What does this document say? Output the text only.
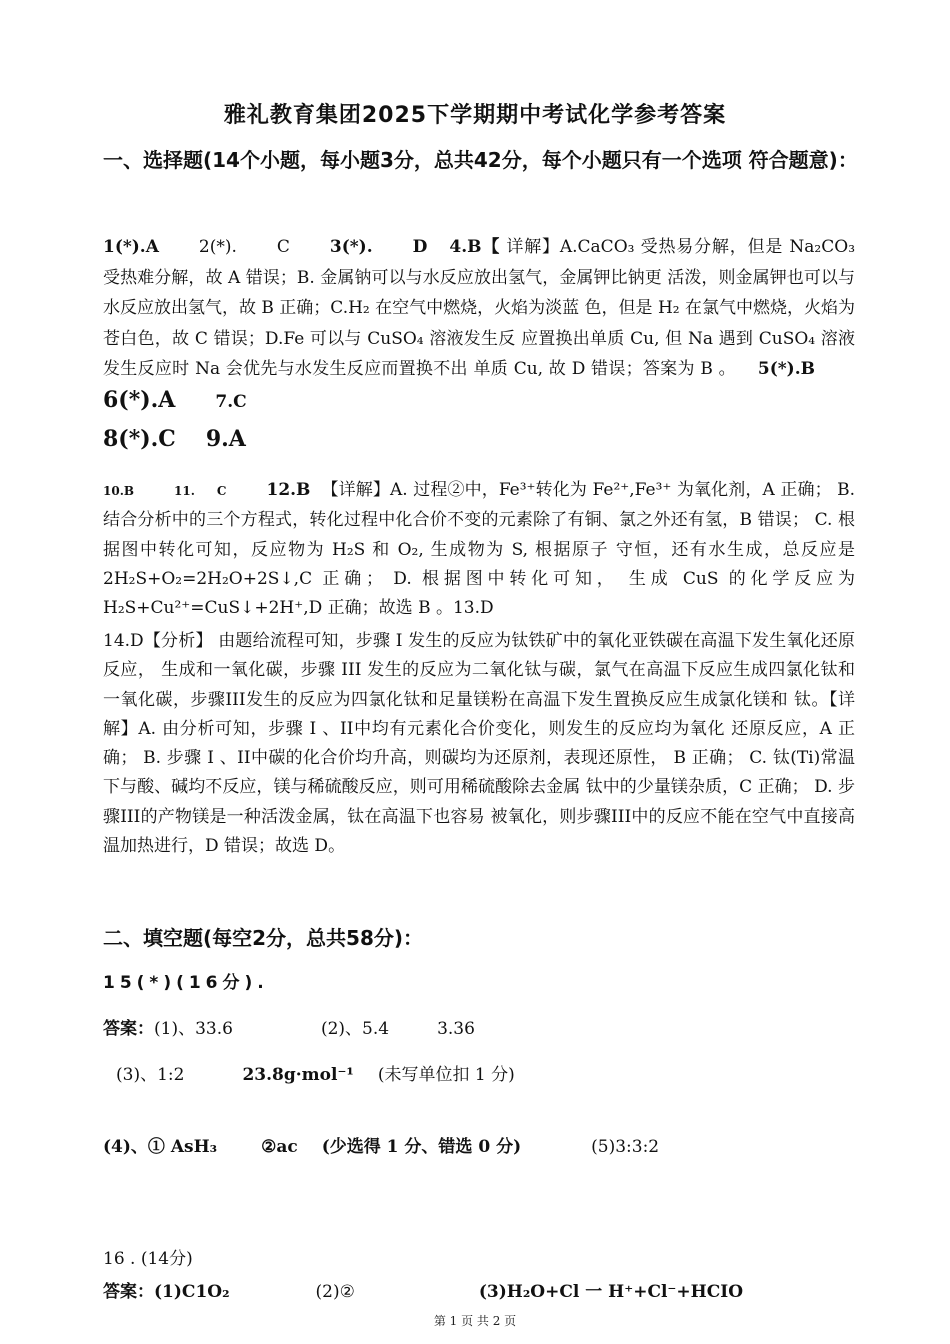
雅礼教育集团2025下学期期中考试化学参考答案
一、选择题(14个小题，每小题3分，总共42分，每个小题只有一个选项 符合题意)：
1(*).A 2(*). C 3(*). D 4.B【 详解】A.CaCO₃ 受热易分解，但是 Na₂CO₃ 受热难分解，故 A 错误；B. 金属钠可以与水反应放出氢气，金属钾比钠更 活泼，则金属钾也可以与水反应放出氢气，故 B 正确；C.H₂ 在空气中燃烧，火焰为淡蓝 色，但是 H₂ 在氯气中燃烧，火焰为苍白色，故 C 错误；D.Fe 可以与 CuSO₄ 溶液发生反 应置换出单质 Cu, 但 Na 遇到 CuSO₄ 溶液发生反应时 Na 会优先与水发生反应而置换不出 单质 Cu, 故 D 错误；答案为 B 。 5(*).B6(*).A 7.C
8(*).C 9.A
10.B	11. C 12.B 【详解】A. 过程②中，Fe³⁺转化为 Fe²⁺,Fe³⁺ 为氧化剂，A 正确； B. 结合分析中的三个方程式，转化过程中化合价不变的元素除了有铜、氯之外还有氢，B 错误； C. 根据图中转化可知，反应物为 H₂S 和 O₂, 生成物为 S, 根据原子 守恒，还有水生成，总反应是 2H₂S+O₂=2H₂O+2S↓,C 正确； D. 根据图中转化可知， 生成 CuS 的化学反应为 H₂S+Cu²⁺=CuS↓+2H⁺,D 正确；故选 B 。13.D
14.D【分析】 由题给流程可知，步骤 I 发生的反应为钛铁矿中的氧化亚铁碳在高温下发生氧化还原反应， 生成和一氧化碳，步骤 III 发生的反应为二氧化钛与碳，氯气在高温下反应生成四氯化钛和 一氧化碳，步骤III发生的反应为四氯化钛和足量镁粉在高温下发生置换反应生成氯化镁和 钛。【详解】A. 由分析可知，步骤 I 、II中均有元素化合价变化，则发生的反应均为氧化 还原反应，A 正确； B. 步骤 I 、II中碳的化合价均升高，则碳均为还原剂，表现还原性， B 正确； C. 钛(Ti)常温下与酸、碱均不反应，镁与稀硫酸反应，则可用稀硫酸除去金属 钛中的少量镁杂质，C 正确； D. 步骤III的产物镁是一种活泼金属，钛在高温下也容易 被氧化，则步骤III中的反应不能在空气中直接高温加热进行，D 错误；故选 D。
二、填空题(每空2分，总共58分)：
15(*)(16分).
答案：(1)、33.6	(2)、5.4	3.36
(3)、1:2	23.8g·mol⁻¹ (未写单位扣 1 分)
(4)、① AsH₃	②ac (少选得 1 分、错选 0 分)	(5)3:3:2
16 . (14分)
答案：(1)C1O₂	(2)②	(3)H₂O+Cl 一 H⁺+Cl⁻+HCIO
第 1 页 共 2 页
